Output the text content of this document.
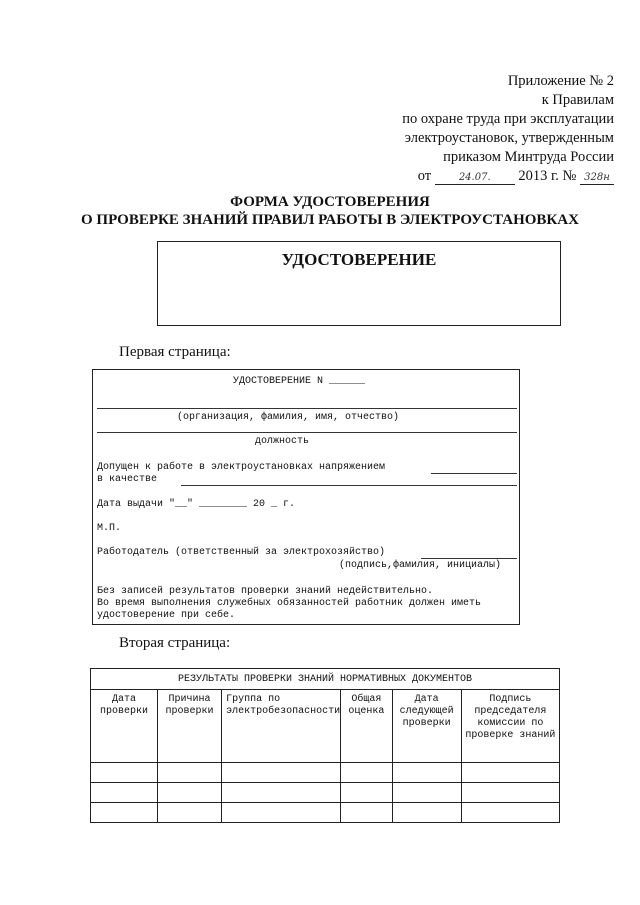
Приложение № 2
к Правилам
по охране труда при эксплуатации
электроустановок, утвержденным
приказом Минтруда России
от	24.07. 2013 г. № 328н
ФОРМА УДОСТОВЕРЕНИЯ
О ПРОВЕРКЕ ЗНАНИЙ ПРАВИЛ РАБОТЫ В ЭЛЕКТРОУСТАНОВКАХ
УДОСТОВЕРЕНИЕ
Первая страница:
УДОСТОВЕРЕНИЕ N ______
(организация, фамилия, имя, отчество)
должность
Допущен к работе в электроустановках напряжением
в качестве
Дата выдачи "__" ________ 20 _ г.
М.П.
Работодатель (ответственный за электрохозяйство)
(подпись,фамилия, инициалы)
Без записей результатов проверки знаний недействительно.
Во время выполнения служебных обязанностей работник должен иметь
удостоверение при себе.
Вторая страница:
РЕЗУЛЬТАТЫ ПРОВЕРКИ ЗНАНИЙ НОРМАТИВНЫХ ДОКУМЕНТОВ					
Дата проверки	Причина проверки	Группа по электробезопасности	Общая оценка	Дата следующей проверки	Подпись председателя комиссии по проверке знаний
